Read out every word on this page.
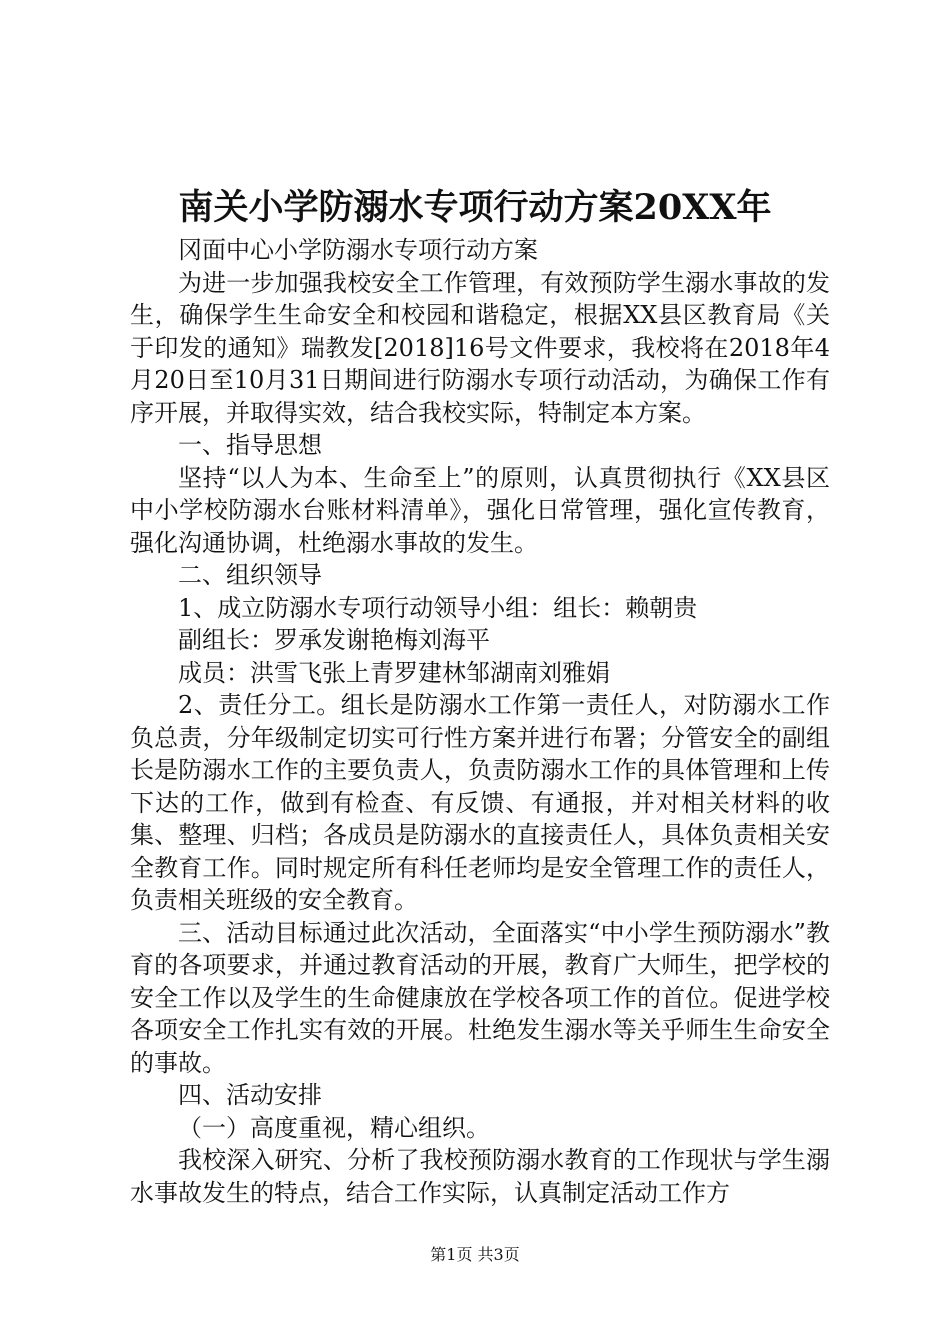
南关小学防溺水专项行动方案20XX年

冈面中心小学防溺水专项行动方案

为进一步加强我校安全工作管理，有效预防学生溺水事故的发生，确保学生生命安全和校园和谐稳定，根据XX县区教育局《关于印发的通知》瑞教发[2018]16号文件要求，我校将在2018年4月20日至10月31日期间进行防溺水专项行动活动，为确保工作有序开展，并取得实效，结合我校实际，特制定本方案。

一、指导思想

坚持“以人为本、生命至上”的原则，认真贯彻执行《XX县区中小学校防溺水台账材料清单》，强化日常管理，强化宣传教育，强化沟通协调，杜绝溺水事故的发生。

二、组织领导

1、成立防溺水专项行动领导小组：组长：赖朝贵

副组长：罗承发谢艳梅刘海平

成员：洪雪飞张上青罗建林邹湖南刘雅娟

2、责任分工。组长是防溺水工作第一责任人，对防溺水工作负总责，分年级制定切实可行性方案并进行布署；分管安全的副组长是防溺水工作的主要负责人，负责防溺水工作的具体管理和上传下达的工作，做到有检查、有反馈、有通报，并对相关材料的收集、整理、归档；各成员是防溺水的直接责任人，具体负责相关安全教育工作。同时规定所有科任老师均是安全管理工作的责任人，负责相关班级的安全教育。

三、活动目标通过此次活动，全面落实“中小学生预防溺水”教育的各项要求，并通过教育活动的开展，教育广大师生，把学校的安全工作以及学生的生命健康放在学校各项工作的首位。促进学校各项安全工作扎实有效的开展。杜绝发生溺水等关乎师生生命安全的事故。

四、活动安排

（一）高度重视，精心组织。

我校深入研究、分析了我校预防溺水教育的工作现状与学生溺水事故发生的特点，结合工作实际，认真制定活动工作方

第1页 共3页
